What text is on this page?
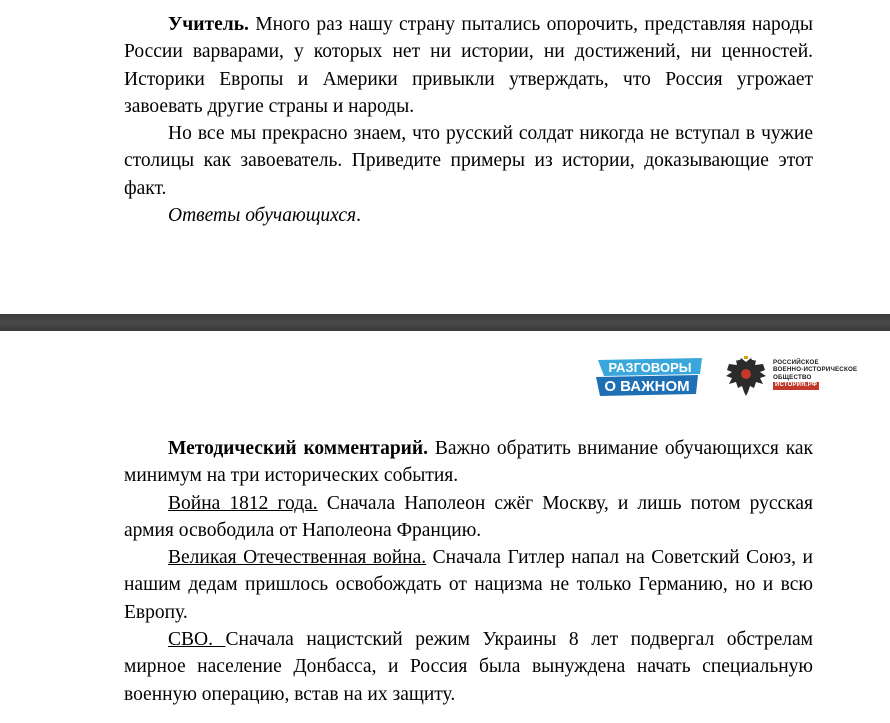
Учитель. Много раз нашу страну пытались опорочить, представляя народы России варварами, у которых нет ни истории, ни достижений, ни ценностей. Историки Европы и Америки привыкли утверждать, что Россия угрожает завоевать другие страны и народы.

Но все мы прекрасно знаем, что русский солдат никогда не вступал в чужие столицы как завоеватель. Приведите примеры из истории, доказывающие этот факт.

Ответы обучающихся.

РАЗГОВОРЫ
О ВАЖНОМ
РОССИЙСКОЕ
ВОЕННО-ИСТОРИЧЕСКОЕ
ОБЩЕСТВО
ИСТОРИЯ.РФ

Методический комментарий. Важно обратить внимание обучающихся как минимум на три исторических события.

Война 1812 года. Сначала Наполеон сжёг Москву, и лишь потом русская армия освободила от Наполеона Францию.

Великая Отечественная война. Сначала Гитлер напал на Советский Союз, и нашим дедам пришлось освобождать от нацизма не только Германию, но и всю Европу.

СВО. Сначала нацистский режим Украины 8 лет подвергал обстрелам мирное население Донбасса, и Россия была вынуждена начать специальную военную операцию, встав на их защиту.
